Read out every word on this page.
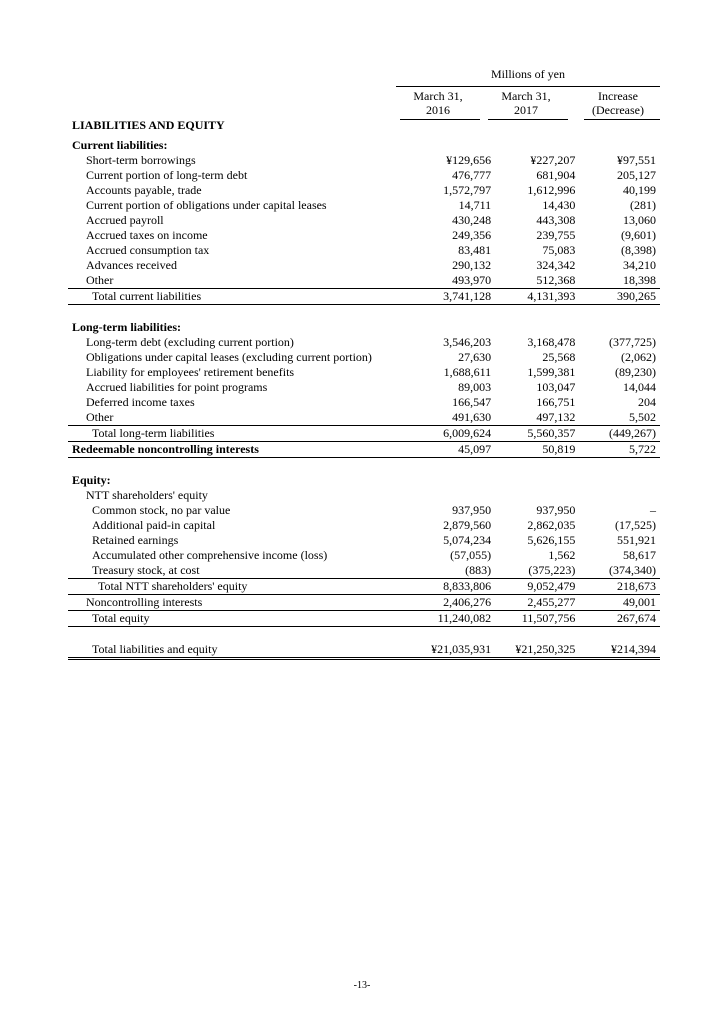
Millions of yen
March 31,
2016
March 31,
2017
Increase
(Decrease)
LIABILITIES AND EQUITY
Current liabilities:			
Short-term borrowings	¥129,656	¥227,207	¥97,551
Current portion of long-term debt	476,777	681,904	205,127
Accounts payable, trade	1,572,797	1,612,996	40,199
Current portion of obligations under capital leases	14,711	14,430	(281)
Accrued payroll	430,248	443,308	13,060
Accrued taxes on income	249,356	239,755	(9,601)
Accrued consumption tax	83,481	75,083	(8,398)
Advances received	290,132	324,342	34,210
Other	493,970	512,368	18,398
Total current liabilities	3,741,128	4,131,393	390,265

Long-term liabilities:			
Long-term debt (excluding current portion)	3,546,203	3,168,478	(377,725)
Obligations under capital leases (excluding current portion)	27,630	25,568	(2,062)
Liability for employees' retirement benefits	1,688,611	1,599,381	(89,230)
Accrued liabilities for point programs	89,003	103,047	14,044
Deferred income taxes	166,547	166,751	204
Other	491,630	497,132	5,502
Total long-term liabilities	6,009,624	5,560,357	(449,267)
Redeemable noncontrolling interests	45,097	50,819	5,722

Equity:			
NTT shareholders' equity			
Common stock, no par value	937,950	937,950	–
Additional paid-in capital	2,879,560	2,862,035	(17,525)
Retained earnings	5,074,234	5,626,155	551,921
Accumulated other comprehensive income (loss)	(57,055)	1,562	58,617
Treasury stock, at cost	(883)	(375,223)	(374,340)
Total NTT shareholders' equity	8,833,806	9,052,479	218,673
Noncontrolling interests	2,406,276	2,455,277	49,001
Total equity	11,240,082	11,507,756	267,674

Total liabilities and equity	¥21,035,931	¥21,250,325	¥214,394
-13-
